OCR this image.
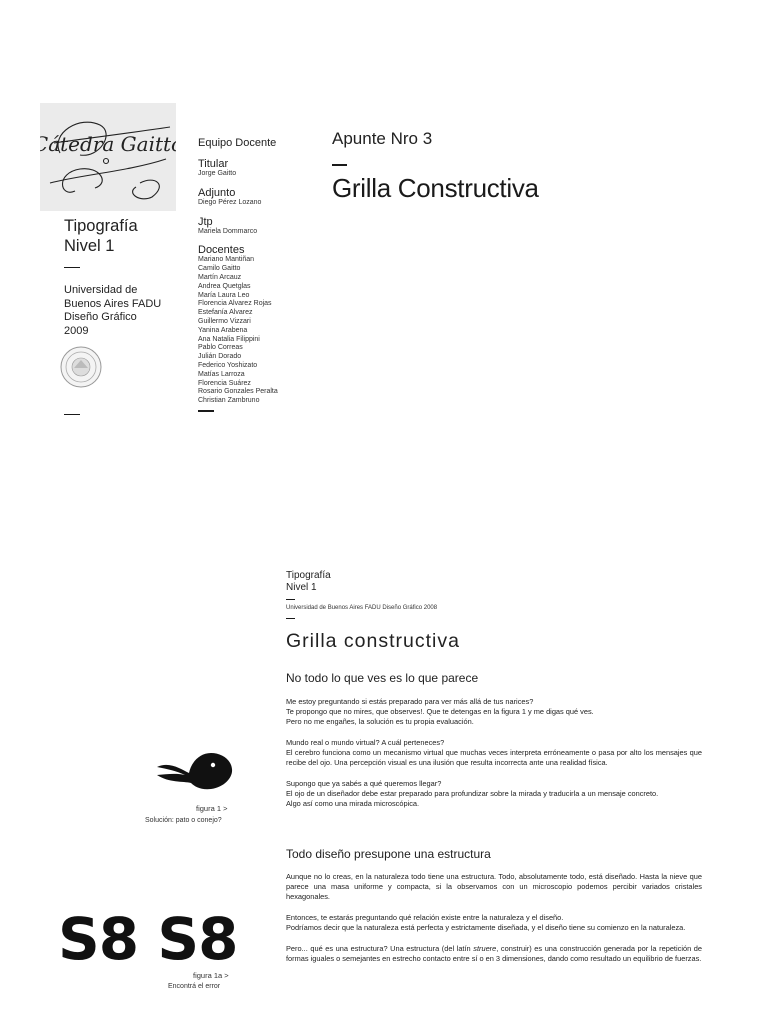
Cátedra Gaitto
Tipografía
Nivel 1
Universidad de
Buenos Aires FADU
Diseño Gráfico
2009
Equipo Docente
Titular
Jorge Gaitto
Adjunto
Diego Pérez Lozano
Jtp
Mariela Dommarco
Docentes
Mariano Mantiñan
Camilo Gaitto
Martín Arcauz
Andrea Quetglas
María Laura Leo
Florencia Alvarez Rojas
Estefanía Alvarez
Guillermo Vizzari
Yanina Arabena
Ana Natalia Filippini
Pablo Correas
Julián Dorado
Federico Yoshizato
Matías Larroza
Florencia Suárez
Rosario Gonzales Peralta
Christian Zambruno
Apunte Nro 3
Grilla Constructiva
Tipografía
Nivel 1
Universidad de Buenos Aires FADU Diseño Gráfico 2008
Grilla constructiva
No todo lo que ves es lo que parece

Me estoy preguntando si estás preparado para ver más allá de tus narices?
Te propongo que no mires, que observes!. Que te detengas en la figura 1 y me digas qué ves.
Pero no me engañes, la solución es tu propia evaluación.

Mundo real o mundo virtual? A cuál perteneces?
El cerebro funciona como un mecanismo virtual que muchas veces interpreta erróneamente o pasa por alto los mensajes que recibe del ojo. Una percepción visual es una ilusión que resulta incorrecta ante una realidad física.

Supongo que ya sabés a qué queremos llegar?
El ojo de un diseñador debe estar preparado para profundizar sobre la mirada y traducirla a un mensaje concreto.
Algo así como una mirada microscópica.

Todo diseño presupone una estructura

Aunque no lo creas, en la naturaleza todo tiene una estructura. Todo, absolutamente todo, está diseñado. Hasta la nieve que parece una masa uniforme y compacta, si la observamos con un microscopio podemos percibir variados cristales hexagonales.

Entonces, te estarás preguntando qué relación existe entre la naturaleza y el diseño.
Podríamos decir que la naturaleza está perfecta y estrictamente diseñada, y el diseño tiene su comienzo en la naturaleza.

Pero... qué es una estructura? Una estructura (del latín struere, construir) es una construcción generada por la repetición de formas iguales o semejantes en estrecho contacto entre sí o en 3 dimensiones, dando como resultado un equilibrio de fuerzas.

figura 1 >
Solución: pato o conejo?
S8 S8
figura 1a >
Encontrá el error
